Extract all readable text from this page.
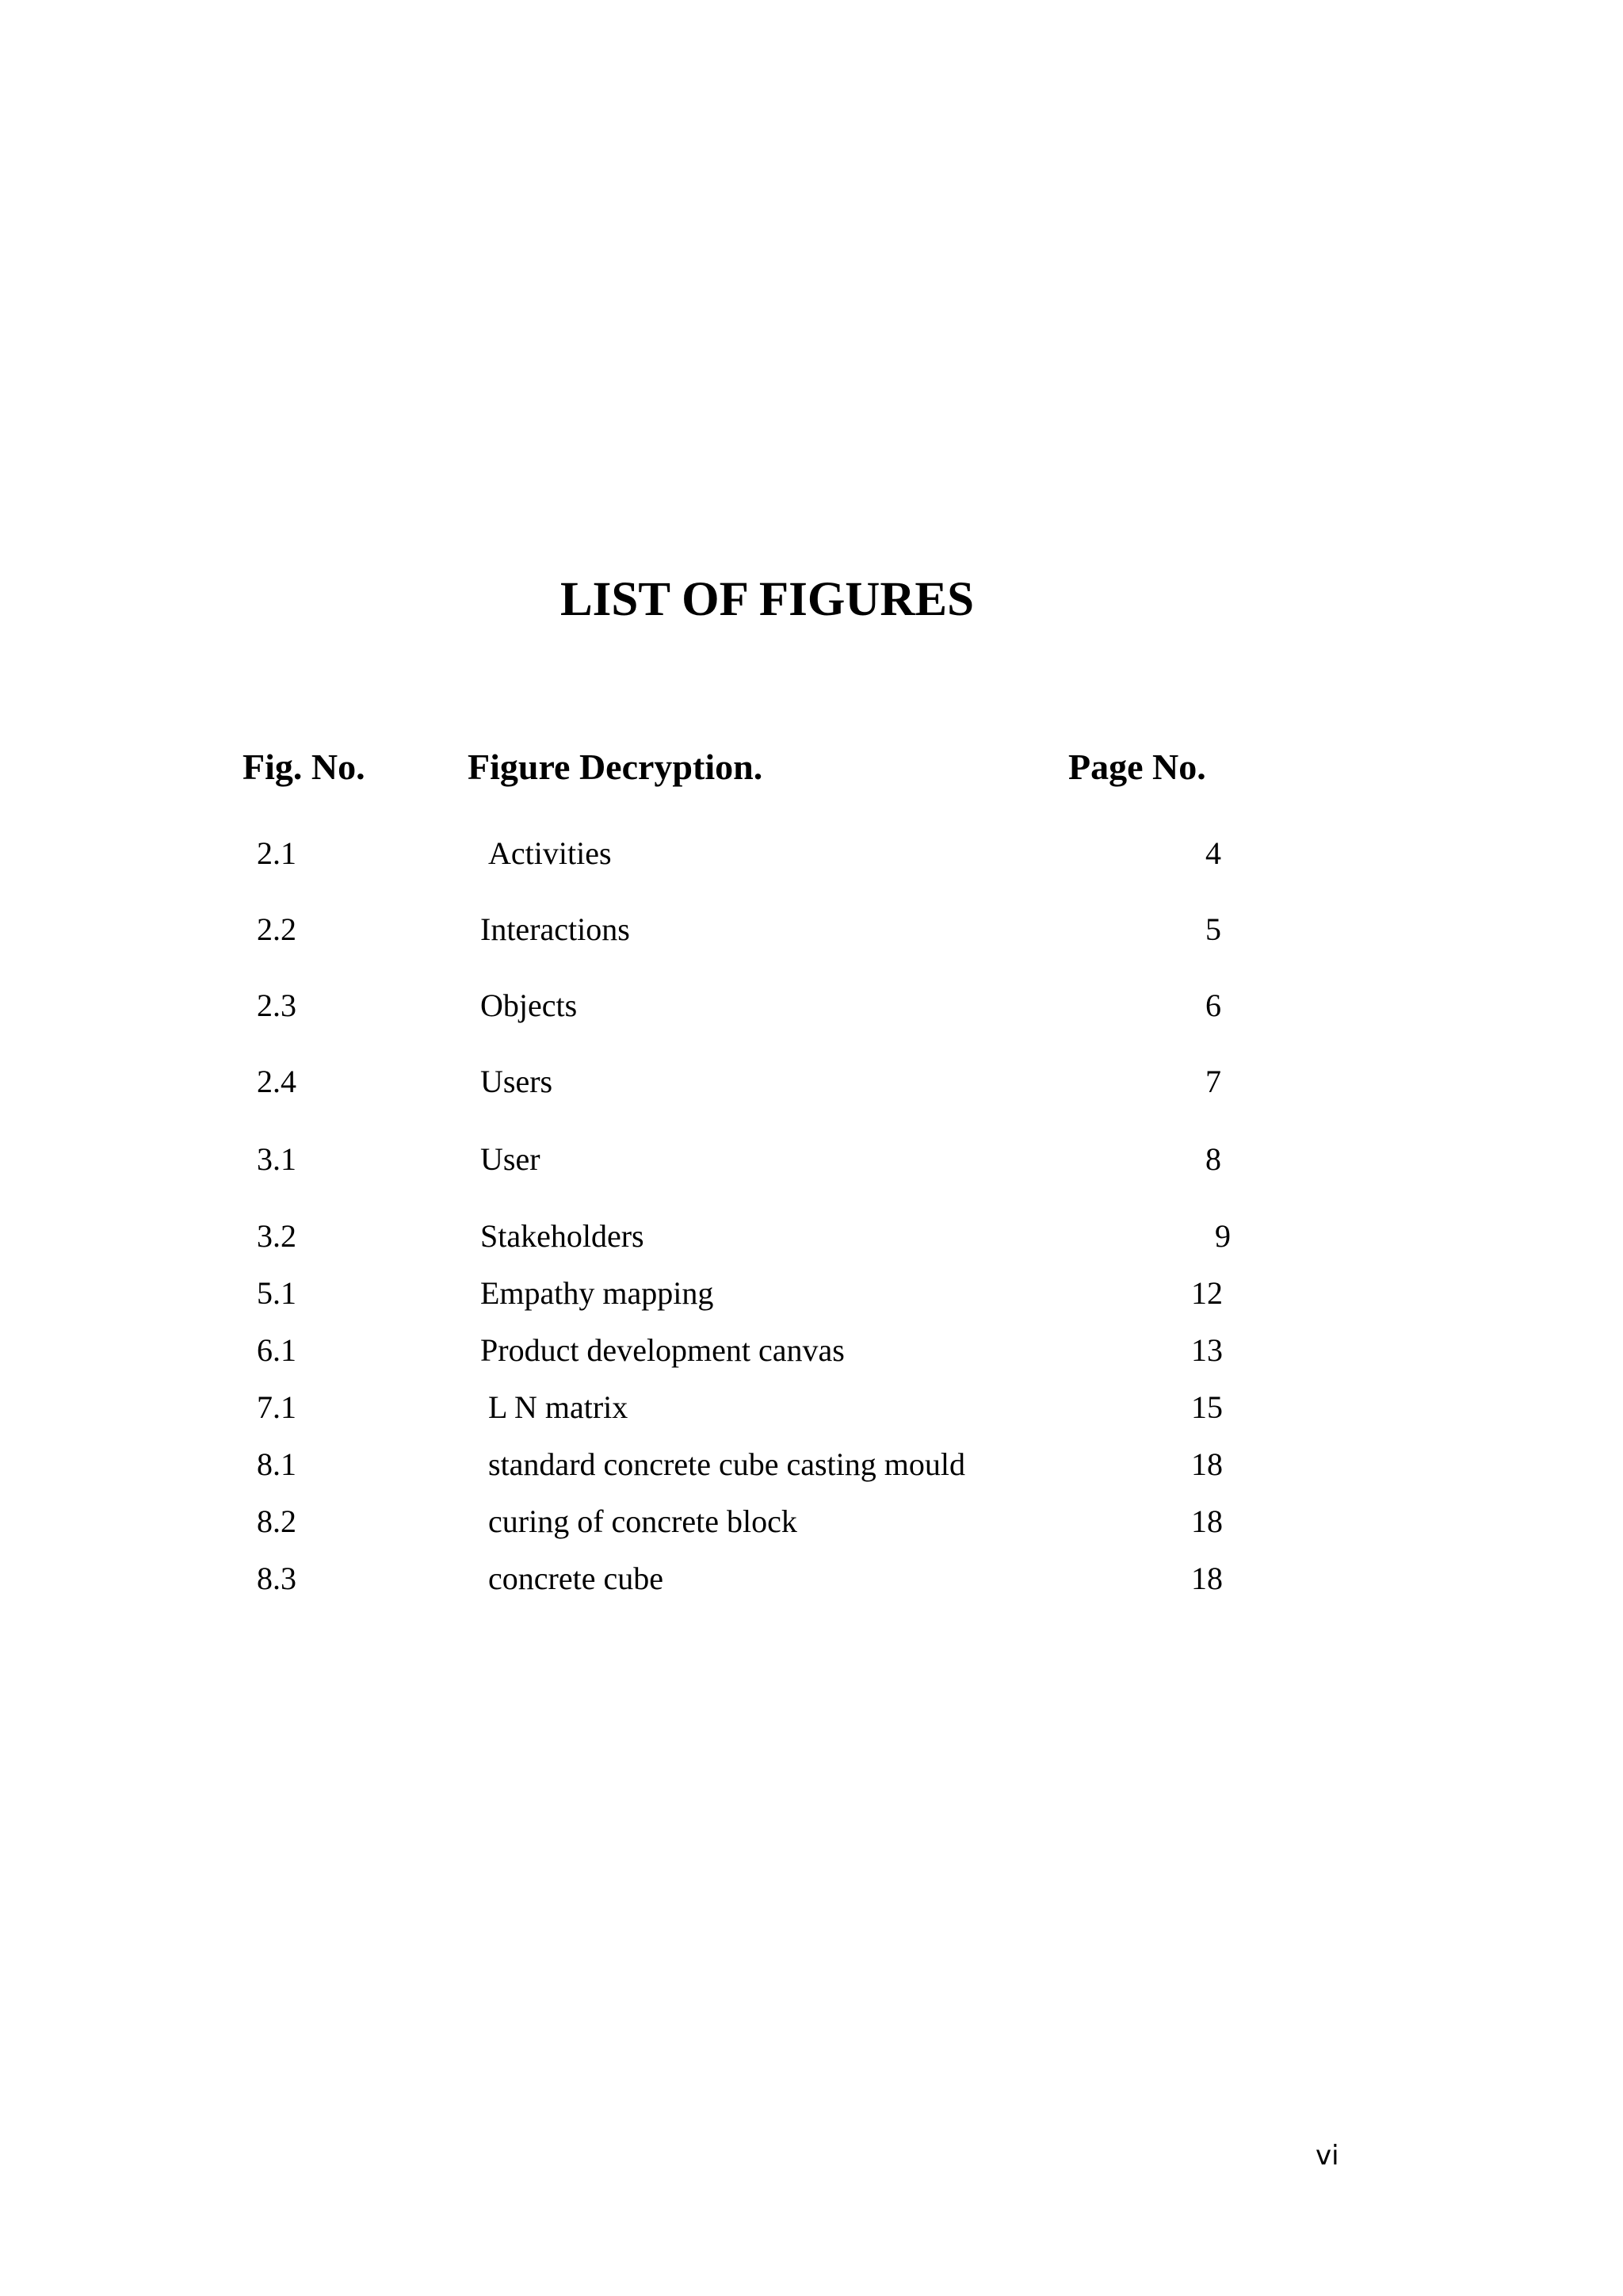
LIST OF FIGURES
Fig. No.	Figure Decryption.	Page No.
2.1	Activities	4
2.2	Interactions	5
2.3	Objects	6
2.4	Users	7
3.1	User	8
3.2	Stakeholders	9
5.1	Empathy mapping	12
6.1	Product development canvas	13
7.1	L N matrix	15
8.1	standard concrete cube casting mould	18
8.2	curing of concrete block	18
8.3	concrete cube	18
vi
